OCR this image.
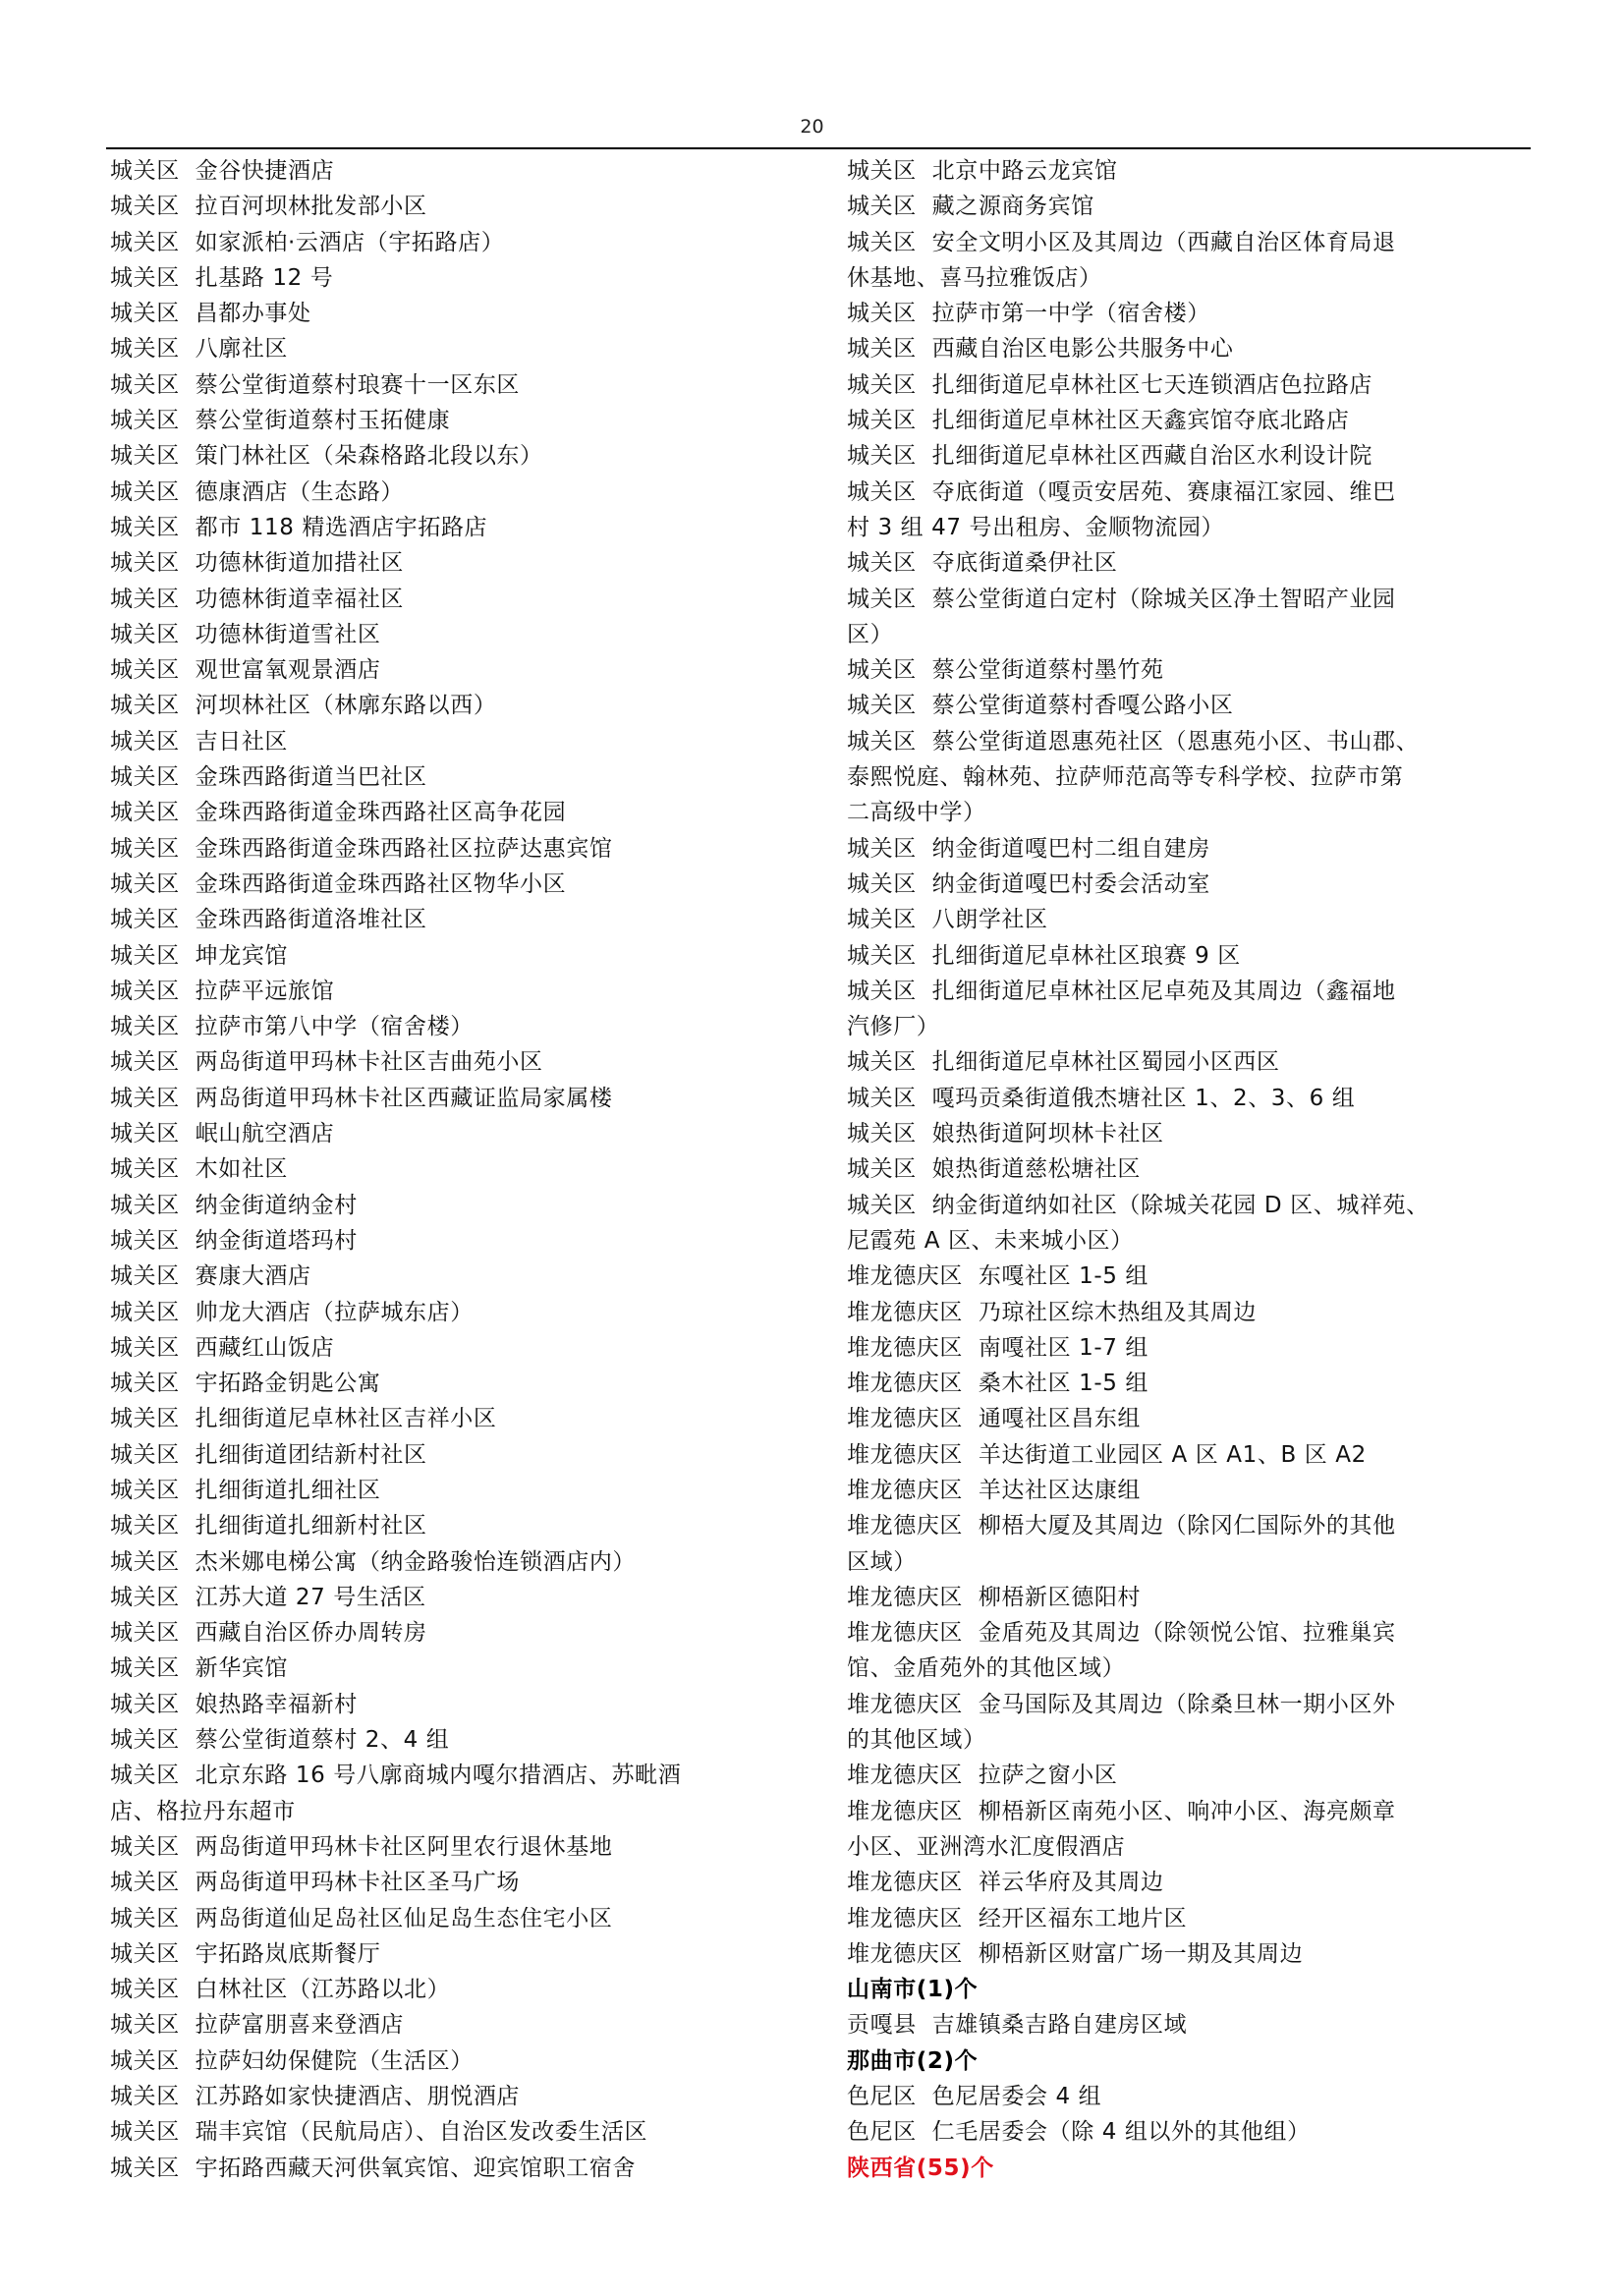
20
城关区  金谷快捷酒店
城关区  拉百河坝林批发部小区
城关区  如家派柏·云酒店（宇拓路店）
城关区  扎基路 12 号
城关区  昌都办事处
城关区  八廓社区
城关区  蔡公堂街道蔡村琅赛十一区东区
城关区  蔡公堂街道蔡村玉拓健康
城关区  策门林社区（朵森格路北段以东）
城关区  德康酒店（生态路）
城关区  都市 118 精选酒店宇拓路店
城关区  功德林街道加措社区
城关区  功德林街道幸福社区
城关区  功德林街道雪社区
城关区  观世富氧观景酒店
城关区  河坝林社区（林廓东路以西）
城关区  吉日社区
城关区  金珠西路街道当巴社区
城关区  金珠西路街道金珠西路社区高争花园
城关区  金珠西路街道金珠西路社区拉萨达惠宾馆
城关区  金珠西路街道金珠西路社区物华小区
城关区  金珠西路街道洛堆社区
城关区  坤龙宾馆
城关区  拉萨平远旅馆
城关区  拉萨市第八中学（宿舍楼）
城关区  两岛街道甲玛林卡社区吉曲苑小区
城关区  两岛街道甲玛林卡社区西藏证监局家属楼
城关区  岷山航空酒店
城关区  木如社区
城关区  纳金街道纳金村
城关区  纳金街道塔玛村
城关区  赛康大酒店
城关区  帅龙大酒店（拉萨城东店）
城关区  西藏红山饭店
城关区  宇拓路金钥匙公寓
城关区  扎细街道尼卓林社区吉祥小区
城关区  扎细街道团结新村社区
城关区  扎细街道扎细社区
城关区  扎细街道扎细新村社区
城关区  杰米娜电梯公寓（纳金路骏怡连锁酒店内）
城关区  江苏大道 27 号生活区
城关区  西藏自治区侨办周转房
城关区  新华宾馆
城关区  娘热路幸福新村
城关区  蔡公堂街道蔡村 2、4 组
城关区  北京东路 16 号八廓商城内嘎尔措酒店、苏毗酒
店、格拉丹东超市
城关区  两岛街道甲玛林卡社区阿里农行退休基地
城关区  两岛街道甲玛林卡社区圣马广场
城关区  两岛街道仙足岛社区仙足岛生态住宅小区
城关区  宇拓路岚底斯餐厅
城关区  白林社区（江苏路以北）
城关区  拉萨富朋喜来登酒店
城关区  拉萨妇幼保健院（生活区）
城关区  江苏路如家快捷酒店、朋悦酒店
城关区  瑞丰宾馆（民航局店）、自治区发改委生活区
城关区  宇拓路西藏天河供氧宾馆、迎宾馆职工宿舍
城关区  北京中路云龙宾馆
城关区  藏之源商务宾馆
城关区  安全文明小区及其周边（西藏自治区体育局退
休基地、喜马拉雅饭店）
城关区  拉萨市第一中学（宿舍楼）
城关区  西藏自治区电影公共服务中心
城关区  扎细街道尼卓林社区七天连锁酒店色拉路店
城关区  扎细街道尼卓林社区天鑫宾馆夺底北路店
城关区  扎细街道尼卓林社区西藏自治区水利设计院
城关区  夺底街道（嘎贡安居苑、赛康福江家园、维巴
村 3 组 47 号出租房、金顺物流园）
城关区  夺底街道桑伊社区
城关区  蔡公堂街道白定村（除城关区净土智昭产业园
区）
城关区  蔡公堂街道蔡村墨竹苑
城关区  蔡公堂街道蔡村香嘎公路小区
城关区  蔡公堂街道恩惠苑社区（恩惠苑小区、书山郡、
泰熙悦庭、翰林苑、拉萨师范高等专科学校、拉萨市第
二高级中学）
城关区  纳金街道嘎巴村二组自建房
城关区  纳金街道嘎巴村委会活动室
城关区  八朗学社区
城关区  扎细街道尼卓林社区琅赛 9 区
城关区  扎细街道尼卓林社区尼卓苑及其周边（鑫福地
汽修厂）
城关区  扎细街道尼卓林社区蜀园小区西区
城关区  嘎玛贡桑街道俄杰塘社区 1、2、3、6 组
城关区  娘热街道阿坝林卡社区
城关区  娘热街道慈松塘社区
城关区  纳金街道纳如社区（除城关花园 D 区、城祥苑、
尼霞苑 A 区、未来城小区）
堆龙德庆区  东嘎社区 1-5 组
堆龙德庆区  乃琼社区综木热组及其周边
堆龙德庆区  南嘎社区 1-7 组
堆龙德庆区  桑木社区 1-5 组
堆龙德庆区  通嘎社区昌东组
堆龙德庆区  羊达街道工业园区 A 区 A1、B 区 A2
堆龙德庆区  羊达社区达康组
堆龙德庆区  柳梧大厦及其周边（除冈仁国际外的其他
区域）
堆龙德庆区  柳梧新区德阳村
堆龙德庆区  金盾苑及其周边（除领悦公馆、拉雅巢宾
馆、金盾苑外的其他区域）
堆龙德庆区  金马国际及其周边（除桑旦林一期小区外
的其他区域）
堆龙德庆区  拉萨之窗小区
堆龙德庆区  柳梧新区南苑小区、响冲小区、海亮颇章
小区、亚洲湾水汇度假酒店
堆龙德庆区  祥云华府及其周边
堆龙德庆区  经开区福东工地片区
堆龙德庆区  柳梧新区财富广场一期及其周边
山南市(1)个
贡嘎县  吉雄镇桑吉路自建房区域
那曲市(2)个
色尼区  色尼居委会 4 组
色尼区  仁毛居委会（除 4 组以外的其他组）
陕西省(55)个
